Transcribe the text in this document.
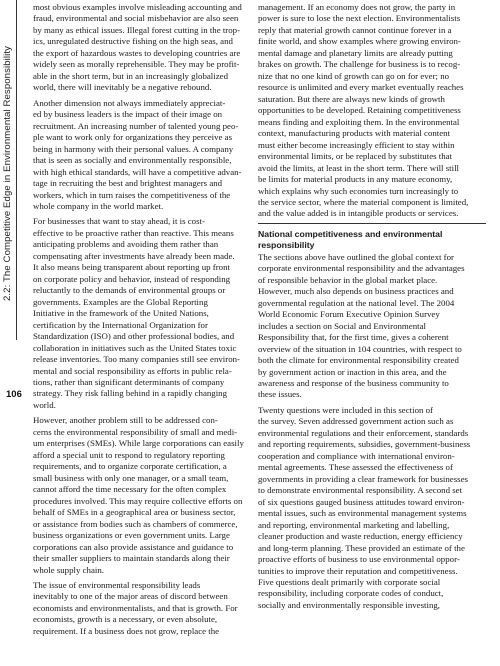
2.2: The Competitive Edge in Environmental Responsibility
106
most obvious examples involve misleading accounting and
fraud, environmental and social misbehavior are also seen
by many as ethical issues. Illegal forest cutting in the trop-
ics, unregulated destructive fishing on the high seas, and
the export of hazardous wastes to developing countries are
widely seen as morally reprehensible. They may be profit-
able in the short term, but in an increasingly globalized
world, there will inevitably be a negative rebound.
Another dimension not always immediately appreciat-
ed by business leaders is the impact of their image on
recruitment. An increasing number of talented young peo-
ple want to work only for organizations they perceive as
being in harmony with their personal values. A company
that is seen as socially and environmentally responsible,
with high ethical standards, will have a competitive advan-
tage in recruiting the best and brightest managers and
workers, which in turn raises the competitiveness of the
whole company in the world market.
For businesses that want to stay ahead, it is cost-
effective to be proactive rather than reactive. This means
anticipating problems and avoiding them rather than
compensating after investments have already been made.
It also means being transparent about reporting up front
on corporate policy and behavior, instead of responding
reluctantly to the demands of environmental groups or
governments. Examples are the Global Reporting
Initiative in the framework of the United Nations,
certification by the International Organization for
Standardization (ISO) and other professional bodies, and
collaboration in initiatives such as the United States toxic
release inventories. Too many companies still see environ-
mental and social responsibility as efforts in public rela-
tions, rather than significant determinants of company
strategy. They risk falling behind in a rapidly changing
world.
However, another problem still to be addressed con-
cerns the environmental responsibility of small and medi-
um enterprises (SMEs). While large corporations can easily
afford a special unit to respond to regulatory reporting
requirements, and to organize corporate certification, a
small business with only one manager, or a small team,
cannot afford the time necessary for the often complex
procedures involved. This may require collective efforts on
behalf of SMEs in a geographical area or business sector,
or assistance from bodies such as chambers of commerce,
business organizations or even government units. Large
corporations can also provide assistance and guidance to
their smaller suppliers to maintain standards along their
whole supply chain.
The issue of environmental responsibility leads
inevitably to one of the major areas of discord between
economists and environmentalists, and that is growth. For
economists, growth is a necessary, or even absolute,
requirement. If a business does not grow, replace the
management. If an economy does not grow, the party in
power is sure to lose the next election. Environmentalists
reply that material growth cannot continue forever in a
finite world, and show examples where growing environ-
mental damage and planetary limits are already putting
brakes on growth. The challenge for business is to recog-
nize that no one kind of growth can go on for ever; no
resource is unlimited and every market eventually reaches
saturation. But there are always new kinds of growth
opportunities to be developed. Retaining competitiveness
means finding and exploiting them. In the environmental
context, manufacturing products with material content
must either become increasingly efficient to stay within
environmental limits, or be replaced by substitutes that
avoid the limits, at least in the short term. There will still
be limits for material products in any mature economy,
which explains why such economies turn increasingly to
the service sector, where the material component is limited,
and the value added is in intangible products or services.
National competitiveness and environmental
responsibility
The sections above have outlined the global context for
corporate environmental responsibility and the advantages
of responsible behavior in the global market place.
However, much also depends on business practices and
governmental regulation at the national level. The 2004
World Economic Forum Executive Opinion Survey
includes a section on Social and Environmental
Responsibility that, for the first time, gives a coherent
overview of the situation in 104 countries, with respect to
both the climate for environmental responsibility created
by government action or inaction in this area, and the
awareness and response of the business community to
these issues.
Twenty questions were included in this section of
the survey. Seven addressed government action such as
environmental regulations and their enforcement, standards
and reporting requirements, subsidies, government-business
cooperation and compliance with international environ-
mental agreements. These assessed the effectiveness of
governments in providing a clear framework for businesses
to demonstrate environmental responsibility. A second set
of six questions gauged business attitudes toward environ-
mental issues, such as environmental management systems
and reporting, environmental marketing and labelling,
cleaner production and waste reduction, energy efficiency
and long-term planning. These provided an estimate of the
proactive efforts of business to use environmental oppor-
tunities to improve their reputation and competitiveness.
Five questions dealt primarily with corporate social
responsibility, including corporate codes of conduct,
socially and environmentally responsible investing,
